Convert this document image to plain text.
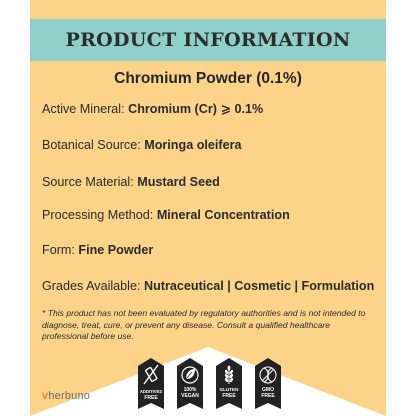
PRODUCT INFORMATION
Chromium Powder (0.1%)
Active Mineral: Chromium (Cr) ⩾ 0.1%
Botanical Source: Moringa oleifera
Source Material: Mustard Seed
Processing Method: Mineral Concentration
Form: Fine Powder
Grades Available: Nutraceutical | Cosmetic | Formulation
* This product has not been evaluated by regulatory authorities and is not intended to diagnose, treat, cure, or prevent any disease. Consult a qualified healthcare professional before use.
vherbuno	ADDITIVES
FREE
100%
VEGAN
GLUTEN
FREE
GMO
FREE
